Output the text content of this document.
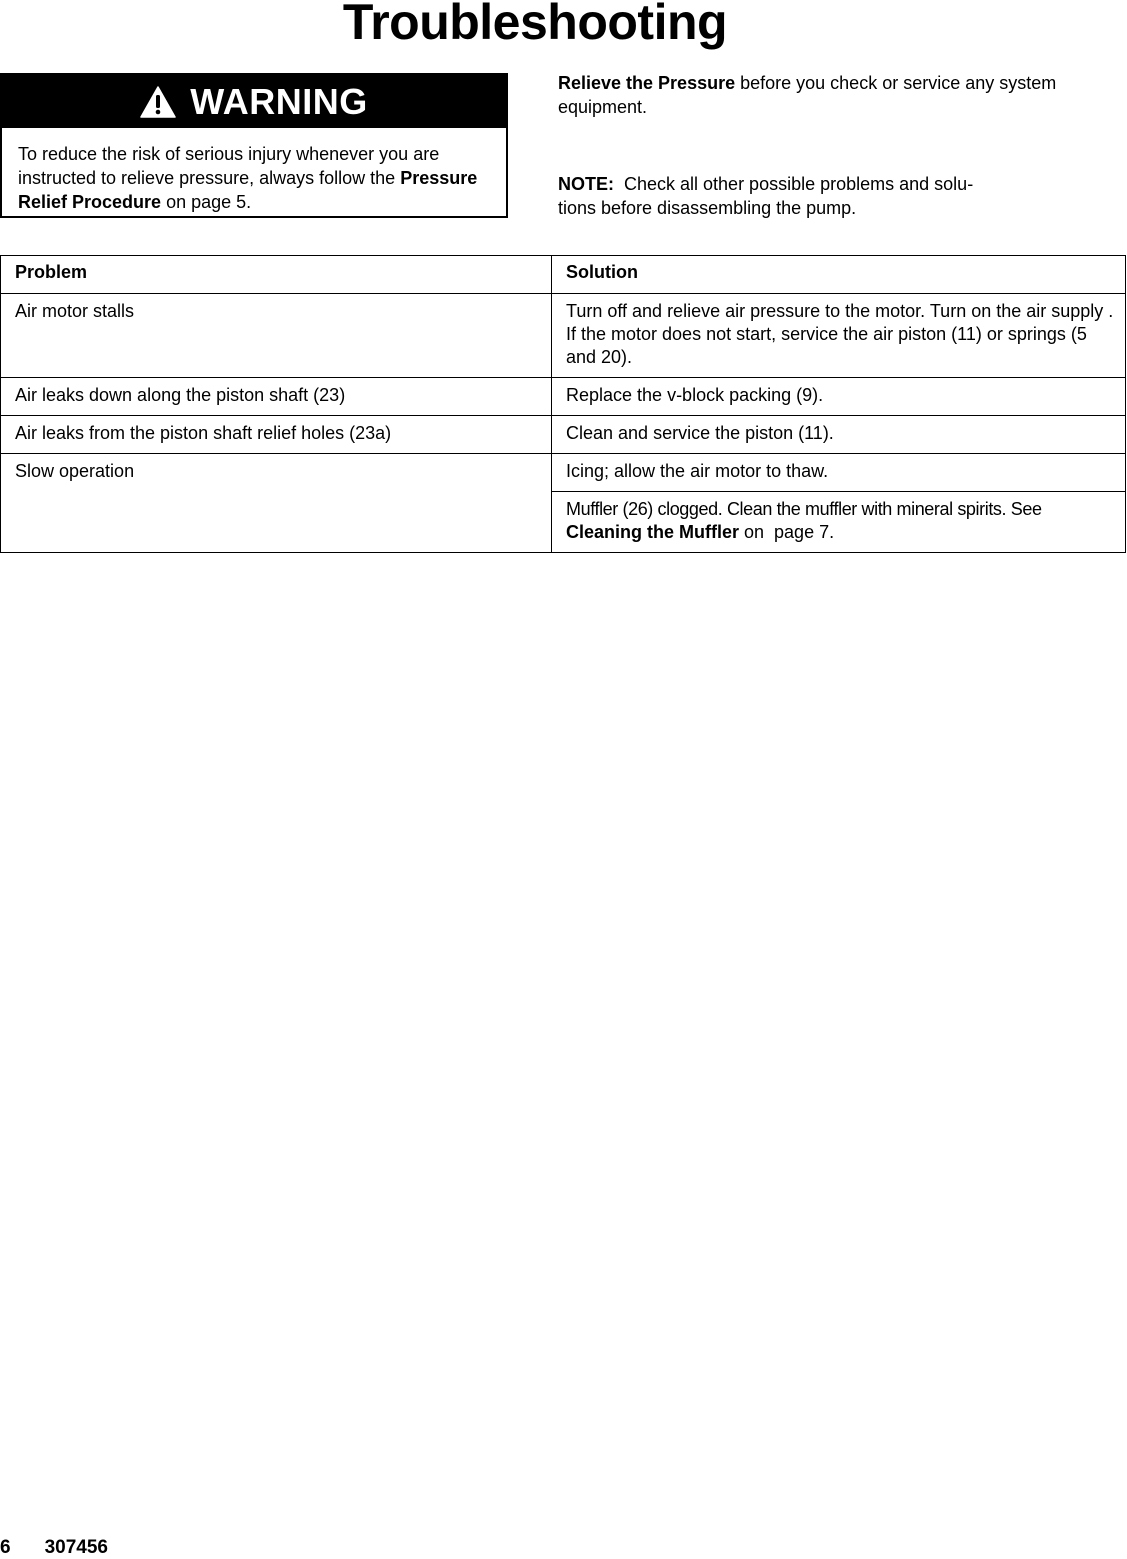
Troubleshooting
WARNING
To reduce the risk of serious injury whenever you are instructed to relieve pressure, always follow the Pressure Relief Procedure on page 5.
Relieve the Pressure before you check or service any system equipment.
NOTE:  Check all other possible problems and solu-
tions before disassembling the pump.
Problem	Solution
Air motor stalls	Turn off and relieve air pressure to the motor. Turn on the air supply . If the motor does not start, service the air piston (11) or springs (5 and 20).
Air leaks down along the piston shaft (23)	Replace the v-block packing (9).
Air leaks from the piston shaft relief holes (23a)	Clean and service the piston (11).
Slow operation	Icing; allow the air motor to thaw.
	Muffler (26) clogged. Clean the muffler with mineral spirits. See Cleaning the Muffler on  page 7.
6 307456
